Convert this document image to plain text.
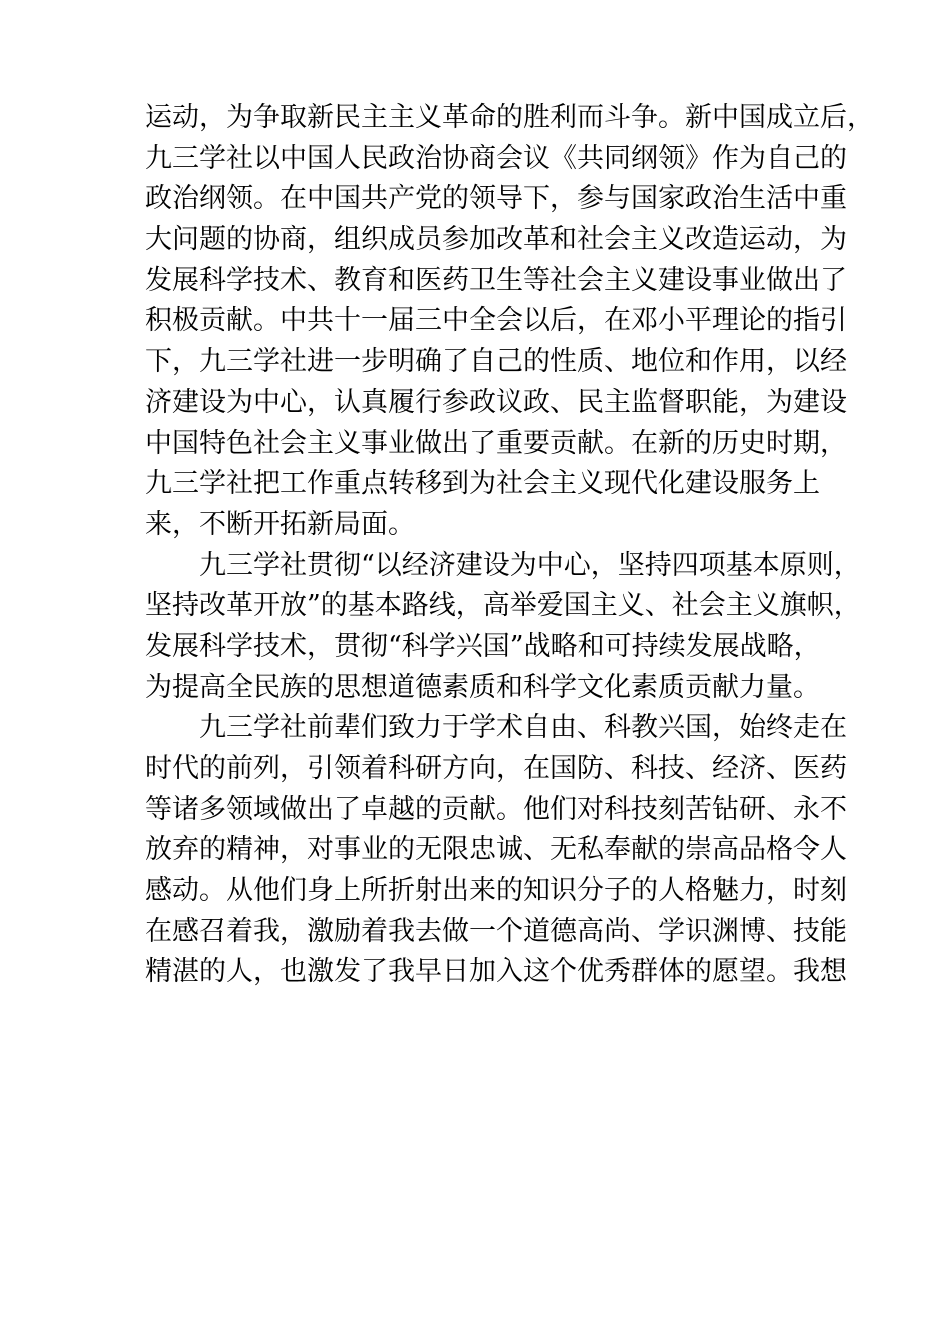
运动，为争取新民主主义革命的胜利而斗争。新中国成立后，
九三学社以中国人民政治协商会议《共同纲领》作为自己的
政治纲领。在中国共产党的领导下，参与国家政治生活中重
大问题的协商，组织成员参加改革和社会主义改造运动，为
发展科学技术、教育和医药卫生等社会主义建设事业做出了
积极贡献。中共十一届三中全会以后，在邓小平理论的指引
下，九三学社进一步明确了自己的性质、地位和作用，以经
济建设为中心，认真履行参政议政、民主监督职能，为建设
中国特色社会主义事业做出了重要贡献。在新的历史时期，
九三学社把工作重点转移到为社会主义现代化建设服务上
来，不断开拓新局面。
九三学社贯彻“以经济建设为中心，坚持四项基本原则，
坚持改革开放”的基本路线，高举爱国主义、社会主义旗帜，
发展科学技术，贯彻“科学兴国”战略和可持续发展战略，
为提高全民族的思想道德素质和科学文化素质贡献力量。
九三学社前辈们致力于学术自由、科教兴国，始终走在
时代的前列，引领着科研方向，在国防、科技、经济、医药
等诸多领域做出了卓越的贡献。他们对科技刻苦钻研、永不
放弃的精神，对事业的无限忠诚、无私奉献的崇高品格令人
感动。从他们身上所折射出来的知识分子的人格魅力，时刻
在感召着我，激励着我去做一个道德高尚、学识渊博、技能
精湛的人，也激发了我早日加入这个优秀群体的愿望。我想
